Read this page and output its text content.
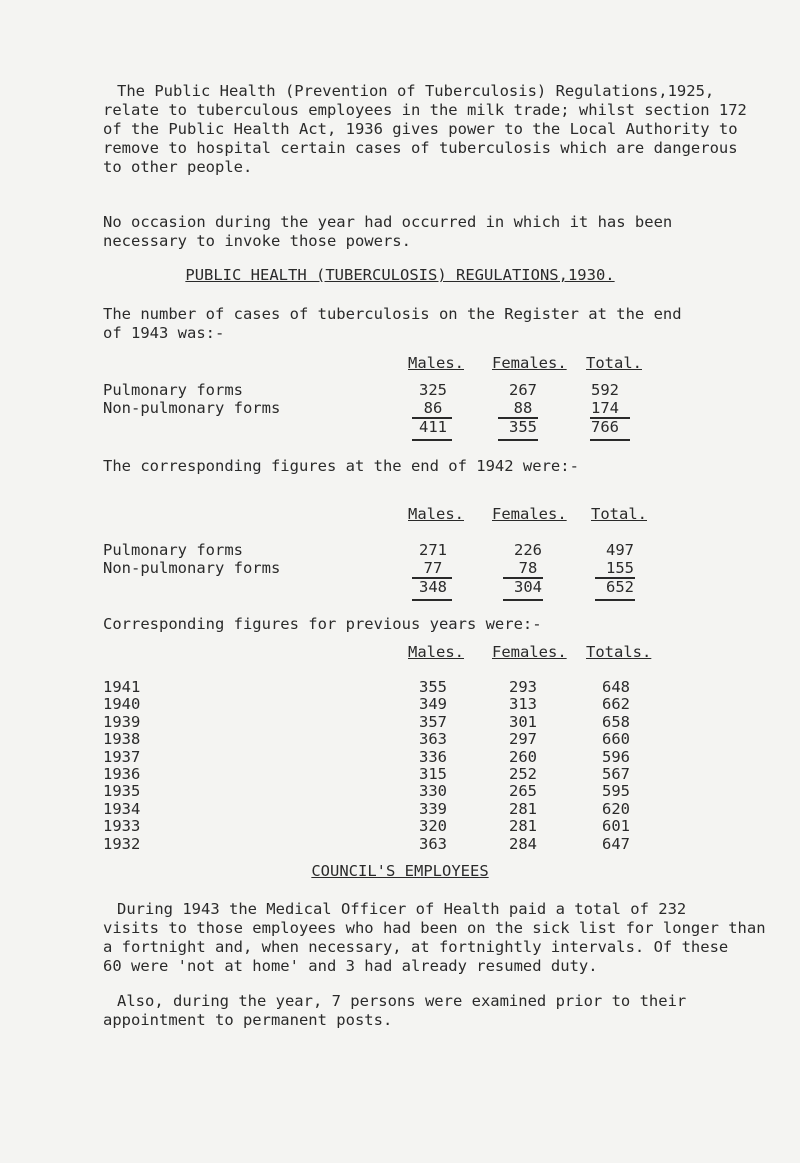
The Public Health (Prevention of Tuberculosis) Regulations,1925,
relate to tuberculous employees in the milk trade; whilst section 172
of the Public Health Act, 1936 gives power to the Local Authority to
remove to hospital certain cases of tuberculosis which are dangerous
to other people.

No occasion during the year had occurred in which it has been
necessary to invoke those powers.

PUBLIC HEALTH (TUBERCULOSIS) REGULATIONS,1930.

The number of cases of tuberculosis on the Register at the end
of 1943 was:-

Males. Females. Total.
Pulmonary forms	325	267	592
Non-pulmonary forms	86	88	174
411	355	766

The corresponding figures at the end of 1942 were:-

Males. Females. Total.
Pulmonary forms	271	226	497
Non-pulmonary forms	77	78	155
348	304	652

Corresponding figures for previous years were:-

Males. Females. Totals.
1941	355	293	648
1940	349	313	662
1939	357	301	658
1938	363	297	660
1937	336	260	596
1936	315	252	567
1935	330	265	595
1934	339	281	620
1933	320	281	601
1932	363	284	647

COUNCIL'S EMPLOYEES

During 1943 the Medical Officer of Health paid a total of 232
visits to those employees who had been on the sick list for longer than
a fortnight and, when necessary, at fortnightly intervals. Of these
60 were 'not at home' and 3 had already resumed duty.

Also, during the year, 7 persons were examined prior to their
appointment to permanent posts.
